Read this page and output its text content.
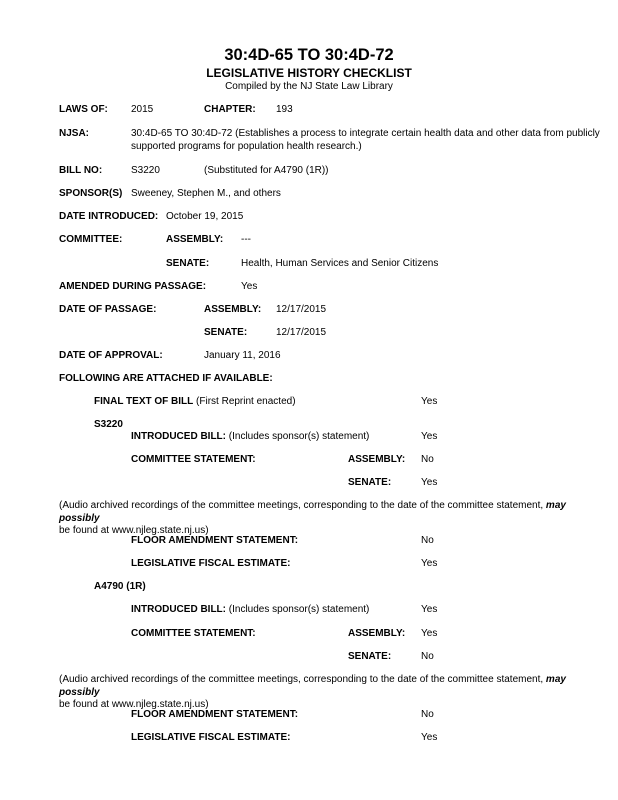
30:4D-65 TO 30:4D-72
LEGISLATIVE HISTORY CHECKLIST
Compiled by the NJ State Law Library
LAWS OF: 2015	CHAPTER: 193
NJSA:	30:4D-65 TO 30:4D-72 (Establishes a process to integrate certain health data and other data from publicly supported programs for population health research.)
BILL NO:	S3220	(Substituted for A4790 (1R))
SPONSOR(S) Sweeney, Stephen M., and others
DATE INTRODUCED: October 19, 2015
COMMITTEE:	ASSEMBLY: ---
SENATE:	Health, Human Services and Senior Citizens
AMENDED DURING PASSAGE:	Yes
DATE OF PASSAGE:	ASSEMBLY: 12/17/2015
SENATE:	12/17/2015
DATE OF APPROVAL:	January 11, 2016
FOLLOWING ARE ATTACHED IF AVAILABLE:
FINAL TEXT OF BILL (First Reprint enacted)	Yes
S3220
INTRODUCED BILL: (Includes sponsor(s) statement)	Yes
COMMITTEE STATEMENT:	ASSEMBLY: No
SENATE:	Yes
(Audio archived recordings of the committee meetings, corresponding to the date of the committee statement, may possibly
be found at www.njleg.state.nj.us)
FLOOR AMENDMENT STATEMENT:	No
LEGISLATIVE FISCAL ESTIMATE:	Yes
A4790 (1R)
INTRODUCED BILL: (Includes sponsor(s) statement)	Yes
COMMITTEE STATEMENT:	ASSEMBLY: Yes
SENATE:	No
(Audio archived recordings of the committee meetings, corresponding to the date of the committee statement, may possibly
be found at www.njleg.state.nj.us)
FLOOR AMENDMENT STATEMENT:	No
LEGISLATIVE FISCAL ESTIMATE:	Yes
